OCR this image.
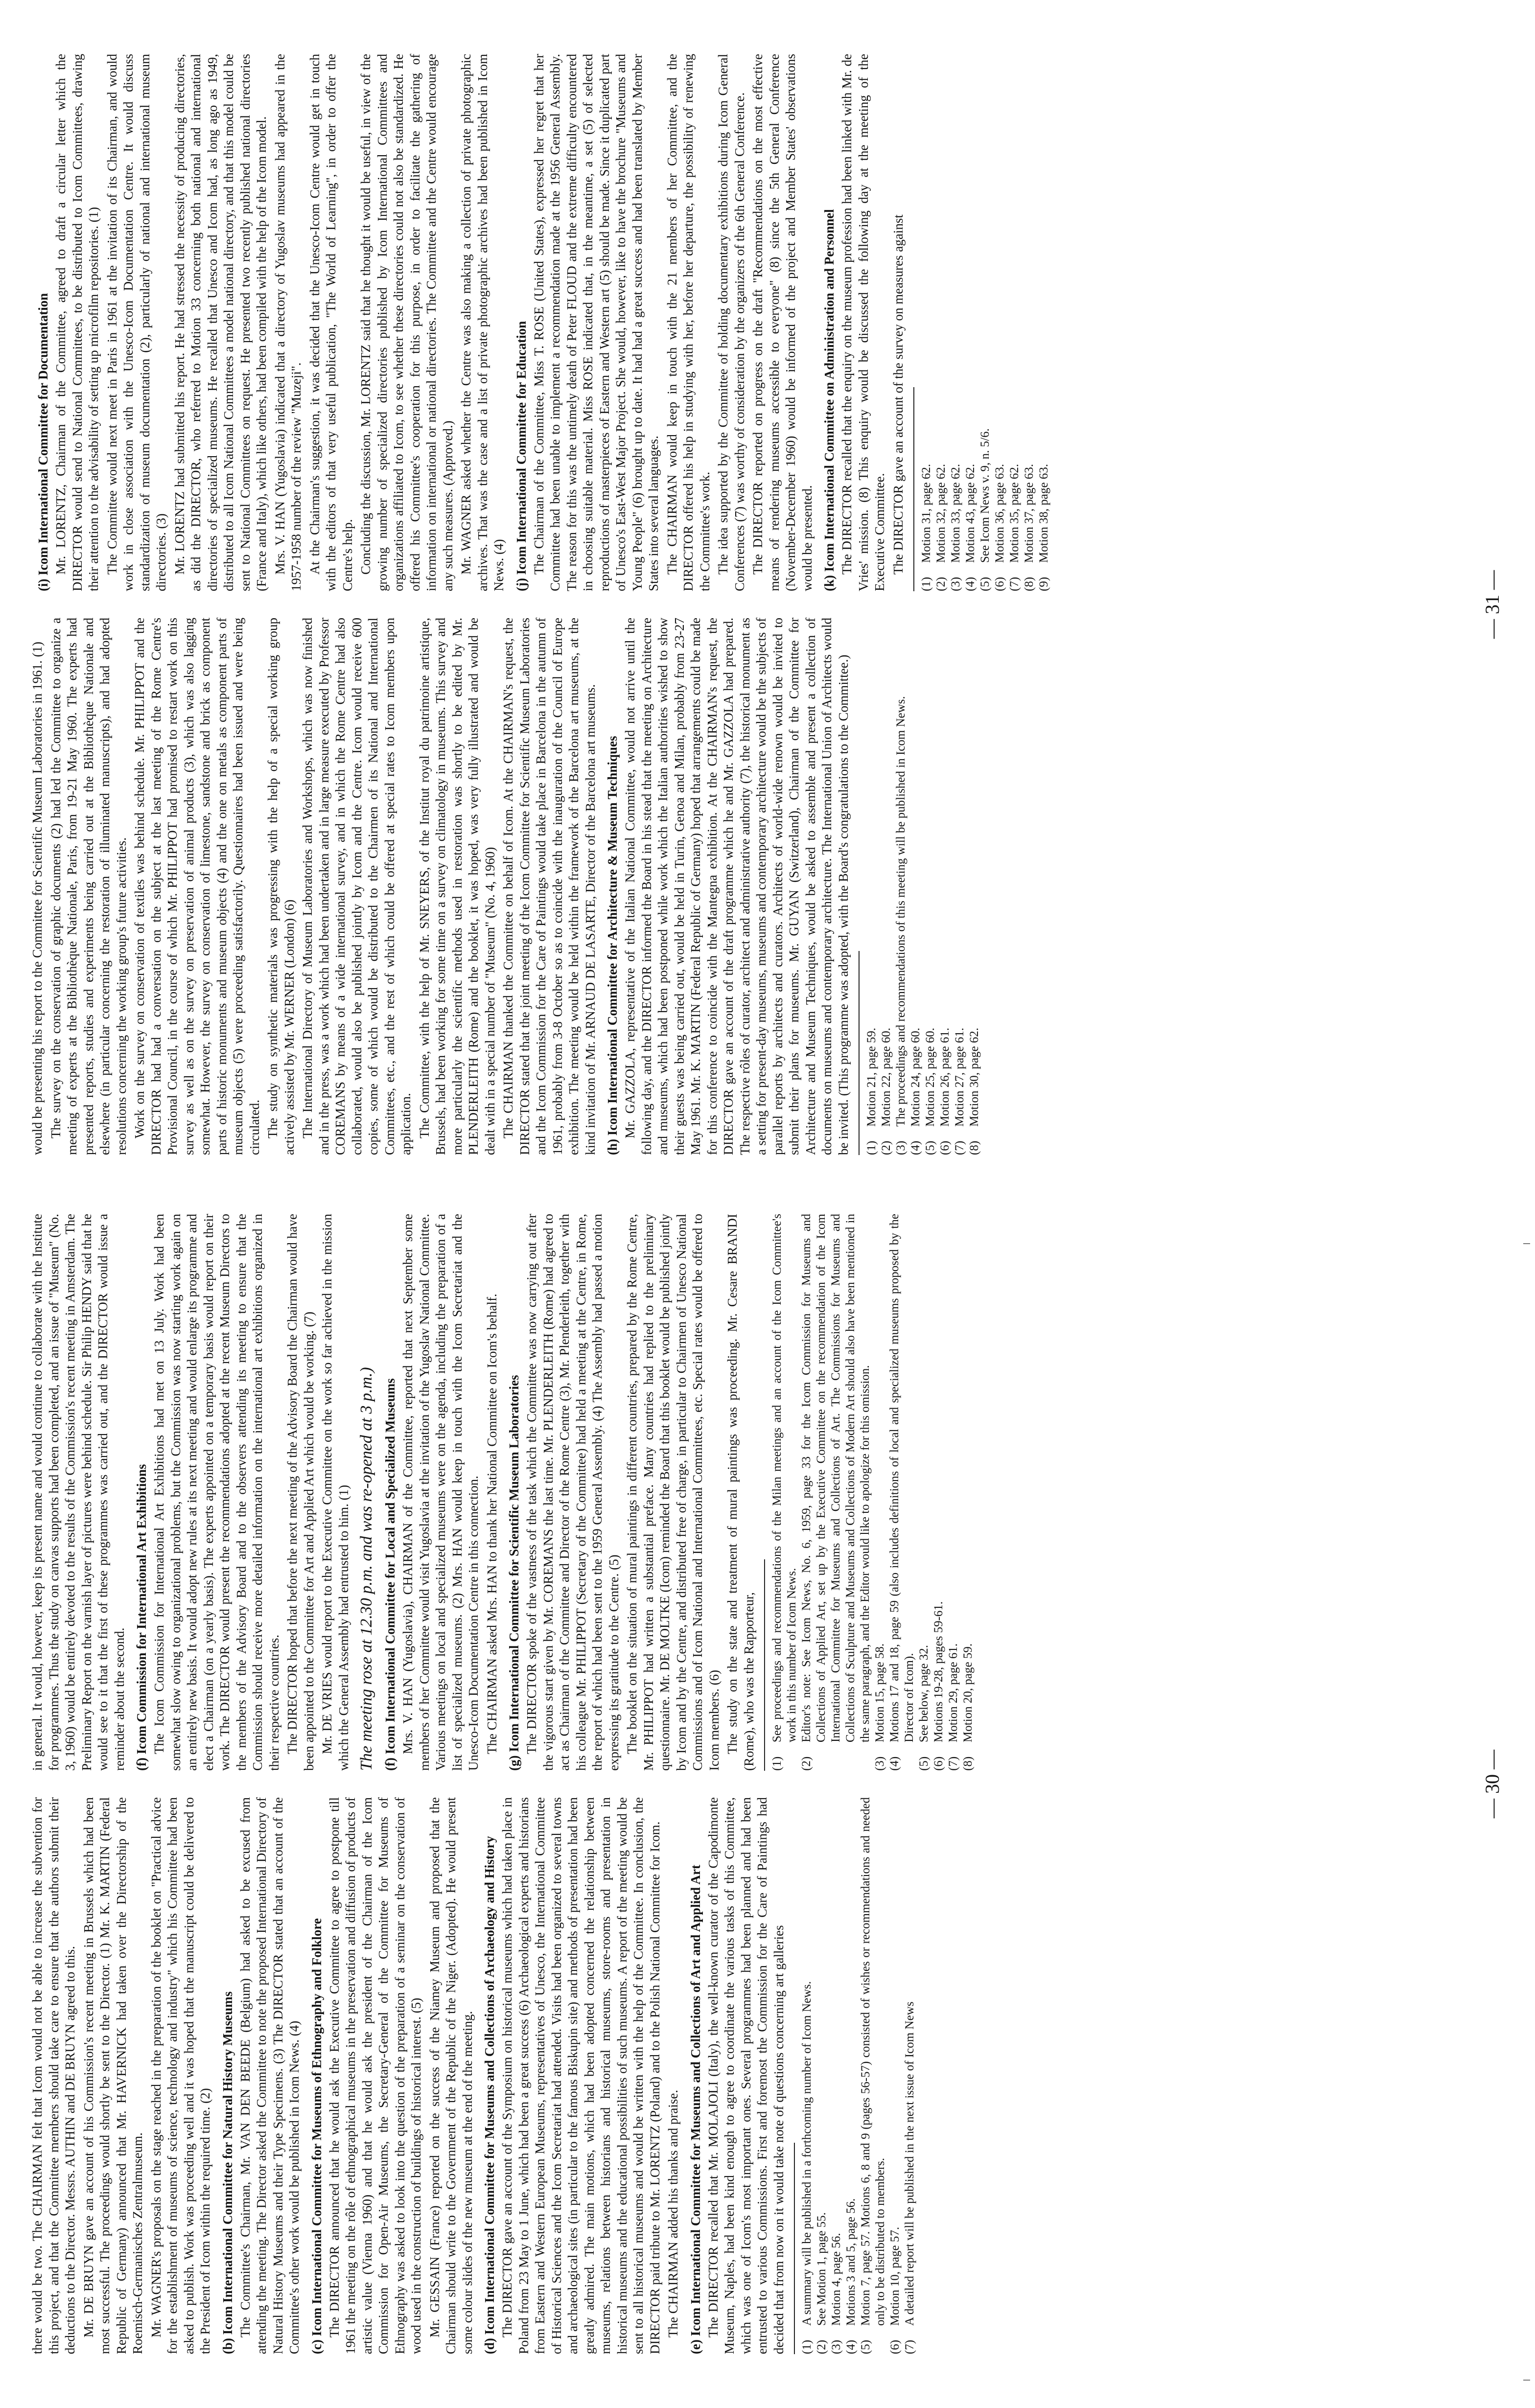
there would be two. The CHAIRMAN felt that Icom would not be able to increase the subvention for this project, and that the Committee members should take care to ensure that the authors submit their deductions to the Director. Messrs. AUTHIN and DE BRUYN agreed to this. Mr. DE BRUYN gave an account of his Commission's recent meeting in Brussels which had been most successful. The proceedings would shortly be sent to the Director. (1) Mr. K. MARTIN (Federal Republic of Germany) announced that Mr. HAVERNICK had taken over the Directorship of the Roemisch-Germanisches Zentralmuseum. Mr. WAGNER's proposals on the stage reached in the preparation of the booklet on "Practical advice for the establishment of museums of science, technology and industry" which his Committee had been asked to publish. Work was proceeding well and it was hoped that the manuscript could be delivered to the President of Icom within the required time. (2) (b) Icom International Committee for Natural History Museums The Committee's Chairman, Mr. VAN DEN BEEDE (Belgium) had asked to be excused from attending the meeting. The Director asked the Committee to note the proposed International Directory of Natural History Museums and their Type Specimens. (3) The DIRECTOR stated that an account of the Committee's other work would be published in Icom News. (4) (c) Icom International Committee for Museums of Ethnography and Folklore The DIRECTOR announced that he would ask the Executive Committee to agree to postpone till 1961 the meeting on the rôle of ethnographical museums in the preservation and diffusion of products of artistic value (Vienna 1960) and that he would ask the president of the Chairman of the Icom Commission for Open-Air Museums, the Secretary-General of the Committee for Museums of Ethnography was asked to look into the question of the preparation of a seminar on the conservation of wood used in the construction of buildings of historical interest. (5) Mr. GESSAIN (France) reported on the success of the Niamey Museum and proposed that the Chairman should write to the Government of the Republic of the Niger. (Adopted). He would present some colour slides of the new museum at the end of the meeting. (d) Icom International Committee for Museums and Collections of Archaeology and History The DIRECTOR gave an account of the Symposium on historical museums which had taken place in Poland from 23 May to 1 June, which had been a great success (6) Archaeological experts and historians from Eastern and Western European Museums, representatives of Unesco, the International Committee of Historical Sciences and the Icom Secretariat had attended. Visits had been organized to several towns and archaeological sites (in particular to the famous Biskupin site) and methods of presentation had been greatly admired. The main motions, which had been adopted concerned the relationship between museums, relations between historians and historical museums, store-rooms and presentation in historical museums and the educational possibilities of such museums. A report of the meeting would be sent to all historical museums and would be written with the help of the Committee. In conclusion, the DIRECTOR paid tribute to Mr. LORENTZ (Poland) and to the Polish National Committee for Icom. The CHAIRMAN added his thanks and praise. (e) Icom International Committee for Museums and Collections of Art and Applied Art The DIRECTOR recalled that Mr. MOLAJOLI (Italy), the well-known curator of the Capodimonte Museum, Naples, had been kind enough to agree to coordinate the various tasks of this Committee, which was one of Icom's most important ones. Several programmes had been planned and had been entrusted to various Commissions. First and foremost the Commission for the Care of Paintings had decided that from now on it would take note of questions concerning art galleries (1)
A summary will be published in a forthcoming number of Icom News.
(2)
See Motion 1, page 55.
(3)
Motion 4, page 56.
(4)
Motions 3 and 5, page 56.
(5)
Motion 7, page 57. Motions 6, 8 and 9 (pages 56-57) consisted of wishes or recommendations and needed only to be distributed to members.
(6)
Motion 10, page 57.
(7)
A detailed report will be published in the next issue of Icom News

in general. It would, however, keep its present name and would continue to collaborate with the Institute for programmes. Thus the study on canvas supports had been completed, and an issue of "Museum" (No. 3, 1960) would be entirely devoted to the results of the Commission's recent meeting in Amsterdam. The Preliminary Report on the varnish layer of pictures were behind schedule. Sir Philip HENDY said that he would see to it that the first of these programmes was carried out, and the DIRECTOR would issue a reminder about the second. (f) Icom Commission for International Art Exhibitions The Icom Commission for International Art Exhibitions had met on 13 July. Work had been somewhat slow owing to organizational problems, but the Commission was now starting work again on an entirely new basis. It would adopt new rules at its next meeting and would enlarge its programme and elect a Chairman (on a yearly basis). The experts appointed on a temporary basis would report on their work. The DIRECTOR would present the recommendations adopted at the recent Museum Directors to the members of the Advisory Board and to the observers attending its meeting to ensure that the Commission should receive more detailed information on the international art exhibitions organized in their respective countries. The DIRECTOR hoped that before the next meeting of the Advisory Board the Chairman would have been appointed to the Committee for Art and Applied Art which would be working. (7) Mr. DE VRIES would report to the Executive Committee on the work so far achieved in the mission which the General Assembly had entrusted to him. (1) The meeting rose at 12.30 p.m. and was re-opened at 3 p.m.) (f) Icom International Committee for Local and Specialized Museums Mrs. V. HAN (Yugoslavia), CHAIRMAN of the Committee, reported that next September some members of her Committee would visit Yugoslavia at the invitation of the Yugoslav National Committee. Various meetings on local and specialized museums were on the agenda, including the preparation of a list of specialized museums. (2) Mrs. HAN would keep in touch with the Icom Secretariat and the Unesco-Icom Documentation Centre in this connection. The CHAIRMAN asked Mrs. HAN to thank her National Committee on Icom's behalf. (g) Icom International Committee for Scientific Museum Laboratories The DIRECTOR spoke of the vastness of the task which the Committee was now carrying out after the vigorous start given by Mr. COREMANS the last time. Mr. PLENDERLEITH (Rome) had agreed to act as Chairman of the Committee and Director of the Rome Centre (3), Mr. Plenderleith, together with his colleague Mr. PHILIPPOT (Secretary of the Committee) had held a meeting at the Centre, in Rome, the report of which had been sent to the 1959 General Assembly. (4) The Assembly had passed a motion expressing its gratitude to the Centre. (5) The booklet on the situation of mural paintings in different countries, prepared by the Rome Centre, Mr. PHILIPPOT had written a substantial preface. Many countries had replied to the preliminary questionnaire. Mr. DE MOLTKE (Icom) reminded the Board that this booklet would be published jointly by Icom and by the Centre, and distributed free of charge, in particular to Chairmen of Unesco National Commissions and of Icom National and International Committees, etc. Special rates would be offered to Icom members. (6) The study on the state and treatment of mural paintings was proceeding. Mr. Cesare BRANDI (Rome), who was the Rapporteur, (1)
See proceedings and recommendations of the Milan meetings and an account of the Icom Committee's work in this number of Icom News.
(2)
Editor's note: See Icom News, No. 6, 1959, page 33 for the Icom Commission for Museums and Collections of Applied Art, set up by the Executive Committee on the recommendation of the Icom International Committee for Museums and Collections of Art. The Commissions for Museums and Collections of Sculpture and Museums and Collections of Modern Art should also have been mentioned in the same paragraph, and the Editor would like to apologize for this omission.
(3)
Motion 15, page 58.
(4)
Motions 17 and 18, page 59 (also includes definitions of local and specialized museums proposed by the Director of Icom).
(5)
See below, page 32.
(6)
Motions 19-28, pages 59-61.
(7)
Motion 29, page 61.
(8)
Motion 20, page 59.
— 30 —

would be presenting his report to the Committee for Scientific Museum Laboratories in 1961. (1) The survey on the conservation of graphic documents (2) had led the Committee to organize a meeting of experts at the Bibliothèque Nationale, Paris, from 19-21 May 1960. The experts had presented reports, studies and experiments being carried out at the Bibliothèque Nationale and elsewhere (in particular concerning the restoration of illuminated manuscripts), and had adopted resolutions concerning the working group's future activities. Work on the survey on conservation of textiles was behind schedule. Mr. PHILIPPOT and the DIRECTOR had had a conversation on the subject at the last meeting of the Rome Centre's Provisional Council, in the course of which Mr. PHILIPPOT had promised to restart work on this survey as well as on the survey on preservation of animal products (3), which was also lagging somewhat. However, the survey on conservation of limestone, sandstone and brick as component parts of historic monuments and museum objects (4) and the one on metals as component parts of museum objects (5) were proceeding satisfactorily. Questionnaires had been issued and were being circulated. The study on synthetic materials was progressing with the help of a special working group actively assisted by Mr. WERNER (London) (6) The International Directory of Museum Laboratories and Workshops, which was now finished and in the press, was a work which had been undertaken and in large measure executed by Professor COREMANS by means of a wide international survey, and in which the Rome Centre had also collaborated, would also be published jointly by Icom and the Centre. Icom would receive 600 copies, some of which would be distributed to the Chairmen of its National and International Committees, etc., and the rest of which could be offered at special rates to Icom members upon application. The Committee, with the help of Mr. SNEYERS, of the Institut royal du patrimoine artistique, Brussels, had been working for some time on a survey on climatology in museums. This survey and more particularly the scientific methods used in restoration was shortly to be edited by Mr. PLENDERLEITH (Rome) and the booklet, it was hoped, was very fully illustrated and would be dealt with in a special number of "Museum" (No. 4, 1960) The CHAIRMAN thanked the Committee on behalf of Icom. At the CHAIRMAN's request, the DIRECTOR stated that the joint meeting of the Icom Committee for Scientific Museum Laboratories and the Icom Commission for the Care of Paintings would take place in Barcelona in the autumn of 1961, probably from 3-8 October so as to coincide with the inauguration of the Council of Europe exhibition. The meeting would be held within the framework of the Barcelona art museums, at the kind invitation of Mr. ARNAUD DE LASARTE, Director of the Barcelona art museums. (h) Icom International Committee for Architecture & Museum Techniques Mr. GAZZOLA, representative of the Italian National Committee, would not arrive until the following day, and the DIRECTOR informed the Board in his stead that the meeting on Architecture and museums, which had been postponed while work which the Italian authorities wished to show their guests was being carried out, would be held in Turin, Genoa and Milan, probably from 23-27 May 1961. Mr. K. MARTIN (Federal Republic of Germany) hoped that arrangements could be made for this conference to coincide with the Mantegna exhibition. At the CHAIRMAN's request, the DIRECTOR gave an account of the draft programme which he and Mr. GAZZOLA had prepared. The respective rôles of curator, architect and administrative authority (7), the historical monument as a setting for present-day museums, museums and contemporary architecture would be the subjects of parallel reports by architects and curators. Architects of world-wide renown would be invited to submit their plans for museums. Mr. GUYAN (Switzerland), Chairman of the Committee for Architecture and Museum Techniques, would be asked to assemble and present a collection of documents on museums and contemporary architecture. The International Union of Architects would be invited. (This programme was adopted, with the Board's congratulations to the Committee.) (1)
Motion 21, page 59.
(2)
Motion 22, page 60.
(3)
The proceedings and recommendations of this meeting will be published in Icom News.
(4)
Motion 24, page 60.
(5)
Motion 25, page 60.
(6)
Motion 26, page 61.
(7)
Motion 27, page 61.
(8)
Motion 30, page 62.
(i) Icom International Committee for Documentation Mr. LORENTZ, Chairman of the Committee, agreed to draft a circular letter which the DIRECTOR would send to National Committees, to be distributed to Icom Committees, drawing their attention to the advisability of setting up microfilm repositories. (1) The Committee would next meet in Paris in 1961 at the invitation of its Chairman, and would work in close association with the Unesco-Icom Documentation Centre. It would discuss standardization of museum documentation (2), particularly of national and international museum directories. (3) Mr. LORENTZ had submitted his report. He had stressed the necessity of producing directories, as did the DIRECTOR, who referred to Motion 33 concerning both national and international directories of specialized museums. He recalled that Unesco and Icom had, as long ago as 1949, distributed to all Icom National Committees a model national directory, and that this model could be sent to National Committees on request. He presented two recently published national directories (France and Italy), which like others, had been compiled with the help of the Icom model. Mrs. V. HAN (Yugoslavia) indicated that a directory of Yugoslav museums had appeared in the 1957-1958 number of the review "Muzeji". At the Chairman's suggestion, it was decided that the Unesco-Icom Centre would get in touch with the editors of that very useful publication, "The World of Learning", in order to offer the Centre's help. Concluding the discussion, Mr. LORENTZ said that he thought it would be useful, in view of the growing number of specialized directories published by Icom International Committees and organizations affiliated to Icom, to see whether these directories could not also be standardized. He offered his Committee's cooperation for this purpose, in order to facilitate the gathering of information on international or national directories. The Committee and the Centre would encourage any such measures. (Approved.) Mr. WAGNER asked whether the Centre was also making a collection of private photographic archives. That was the case and a list of private photographic archives had been published in Icom News. (4) (j) Icom International Committee for Education The Chairman of the Committee, Miss T. ROSE (United States), expressed her regret that her Committee had been unable to implement a recommendation made at the 1956 General Assembly. The reason for this was the untimely death of Peter FLOUD and the extreme difficulty encountered in choosing suitable material. Miss ROSE indicated that, in the meantime, a set (5) of selected reproductions of masterpieces of Eastern and Western art (5) should be made. Since it duplicated part of Unesco's East-West Major Project. She would, however, like to have the brochure "Museums and Young People" (6) brought up to date. It had had a great success and had been translated by Member States into several languages. The CHAIRMAN would keep in touch with the 21 members of her Committee, and the DIRECTOR offered his help in studying with her, before her departure, the possibility of renewing the Committee's work. The idea supported by the Committee of holding documentary exhibitions during Icom General Conferences (7) was worthy of consideration by the organizers of the 6th General Conference. The DIRECTOR reported on progress on the draft "Recommendations on the most effective means of rendering museums accessible to everyone" (8) since the 5th General Conference (November-December 1960) would be informed of the project and Member States' observations would be presented. (k) Icom International Committee on Administration and Personnel The DIRECTOR recalled that the enquiry on the museum profession had been linked with Mr. de Vries' mission. (8) This enquiry would be discussed the following day at the meeting of the Executive Committee. The DIRECTOR gave an account of the survey on measures against

(1)
Motion 31, page 62.
(2)
Motion 32, page 62.
(3)
Motion 33, page 62.
(4)
Motion 43, page 62.
(5)
See Icom News v. 9, n. 5/6.
(6)
Motion 36, page 63.
(7)
Motion 35, page 62.
(8)
Motion 37, page 63.
(9)
Motion 38, page 63.
— 31 —
